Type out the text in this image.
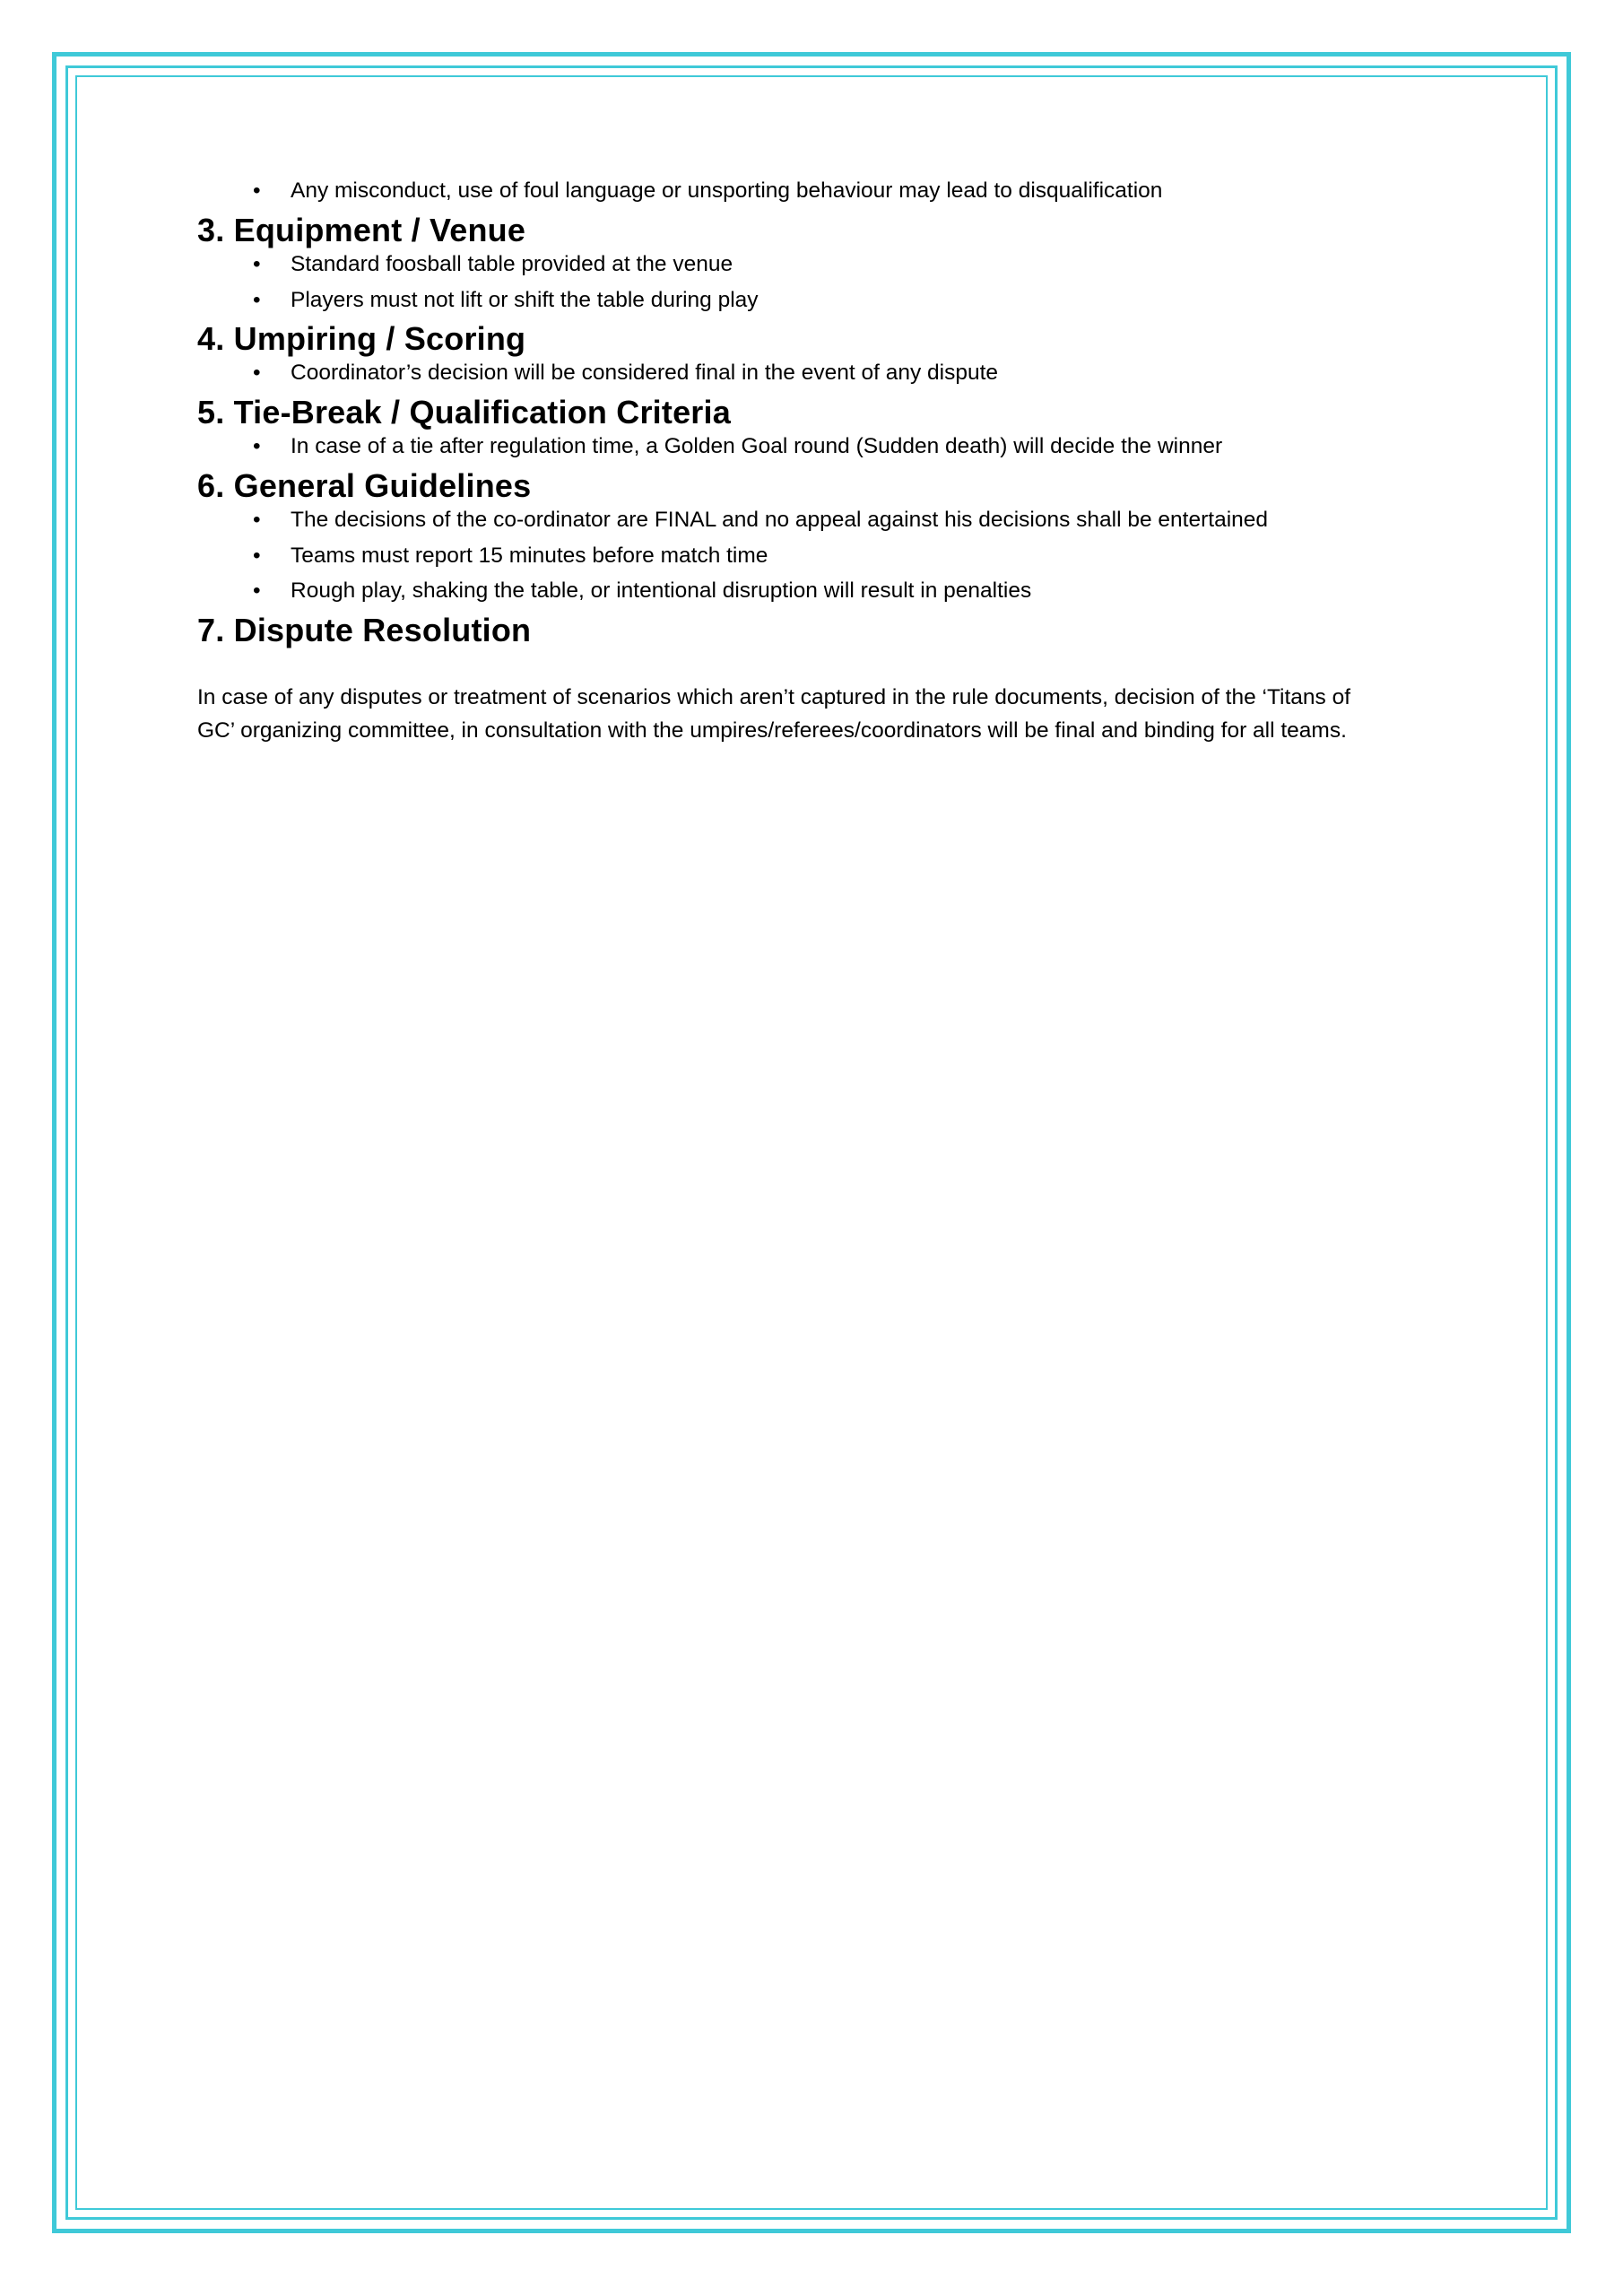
• Any misconduct, use of foul language or unsporting behaviour may lead to disqualification
3. Equipment / Venue
• Standard foosball table provided at the venue
• Players must not lift or shift the table during play
4. Umpiring / Scoring
• Coordinator’s decision will be considered final in the event of any dispute
5. Tie-Break / Qualification Criteria
• In case of a tie after regulation time, a Golden Goal round (Sudden death) will decide the winner
6. General Guidelines
• The decisions of the co-ordinator are FINAL and no appeal against his decisions shall be entertained
• Teams must report 15 minutes before match time
• Rough play, shaking the table, or intentional disruption will result in penalties
7. Dispute Resolution

In case of any disputes or treatment of scenarios which aren’t captured in the rule documents, decision of the ‘Titans of GC’ organizing committee, in consultation with the umpires/referees/coordinators will be final and binding for all teams.
